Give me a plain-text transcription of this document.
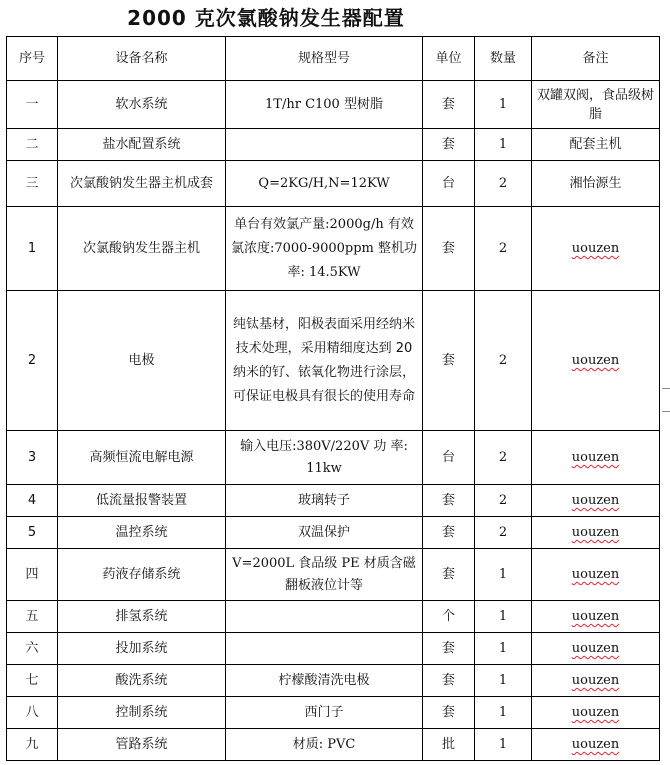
2000 克次氯酸钠发生器配置
序号	设备名称	规格型号	单位	数量	备注
一	软水系统	1T/hr C100 型树脂	套	1	双罐双阀，食品级树脂
二	盐水配置系统		套	1	配套主机
三	次氯酸钠发生器主机成套	Q=2KG/H,N=12KW	台	2	湘怡源生
1	次氯酸钠发生器主机	单台有效氯产量:2000g/h 有效氯浓度:7000-9000ppm 整机功率: 14.5KW	套	2	uouzen
2	电极	纯钛基材，阳极表面采用经纳米技术处理，采用精细度达到 20 纳米的钌、铱氧化物进行涂层，可保证电极具有很长的使用寿命	套	2	uouzen
3	高频恒流电解电源	输入电压:380V/220V 功 率: 11kw	台	2	uouzen
4	低流量报警装置	玻璃转子	套	2	uouzen
5	温控系统	双温保护	套	2	uouzen
四	药液存储系统	V=2000L 食品级 PE 材质含磁翻板液位计等	套	1	uouzen
五	排氢系统		个	1	uouzen
六	投加系统		套	1	uouzen
七	酸洗系统	柠檬酸清洗电极	套	1	uouzen
八	控制系统	西门子	套	1	uouzen
九	管路系统	材质: PVC	批	1	uouzen
